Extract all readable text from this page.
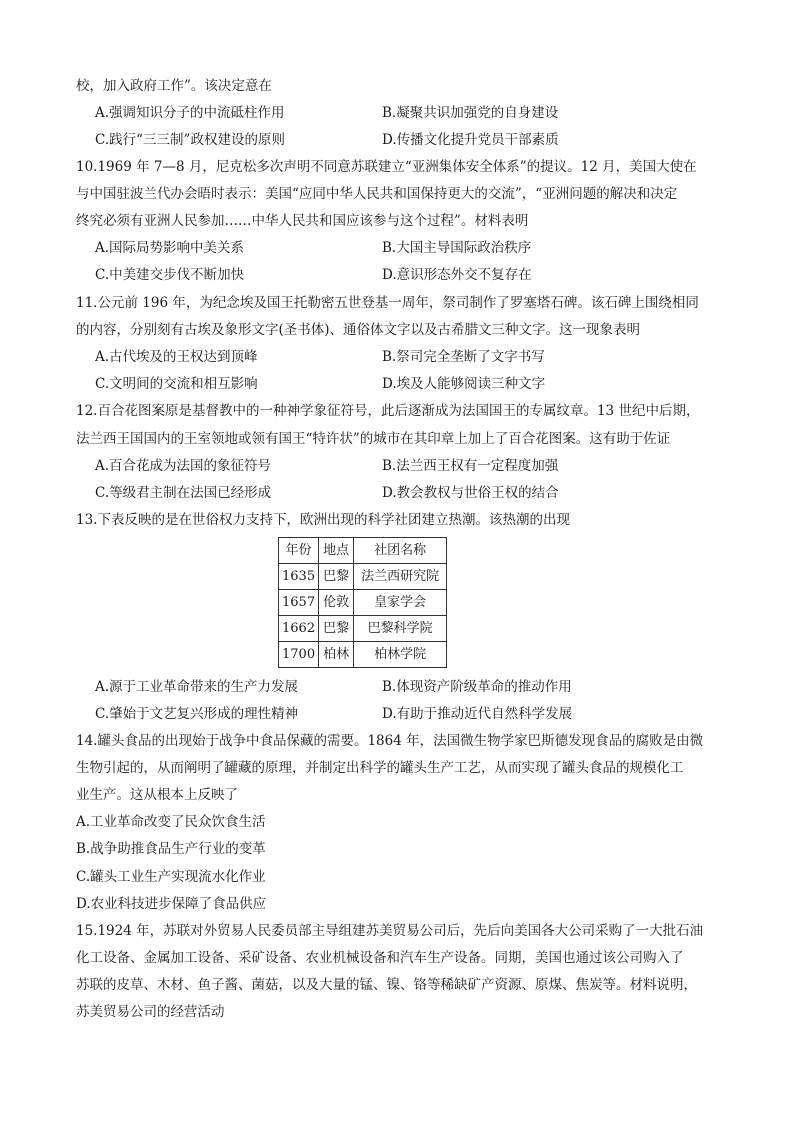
校，加入政府工作”。该决定意在
A.强调知识分子的中流砥柱作用	B.凝聚共识加强党的自身建设
C.践行“三三制”政权建设的原则	D.传播文化提升党员干部素质
10.1969 年 7—8 月，尼克松多次声明不同意苏联建立“亚洲集体安全体系”的提议。12 月，美国大使在
与中国驻波兰代办会晤时表示：美国“应同中华人民共和国保持更大的交流”，“亚洲问题的解决和决定
终究必须有亚洲人民参加……中华人民共和国应该参与这个过程”。材料表明
A.国际局势影响中美关系	B.大国主导国际政治秩序
C.中美建交步伐不断加快	D.意识形态外交不复存在
11.公元前 196 年，为纪念埃及国王托勒密五世登基一周年，祭司制作了罗塞塔石碑。该石碑上围绕相同
的内容，分别刻有古埃及象形文字(圣书体)、通俗体文字以及古希腊文三种文字。这一现象表明
A.古代埃及的王权达到顶峰	B.祭司完全垄断了文字书写
C.文明间的交流和相互影响	D.埃及人能够阅读三种文字
12.百合花图案原是基督教中的一种神学象征符号，此后逐渐成为法国国王的专属纹章。13 世纪中后期，
法兰西王国国内的王室领地或领有国王“特许状”的城市在其印章上加上了百合花图案。这有助于佐证
A.百合花成为法国的象征符号	B.法兰西王权有一定程度加强
C.等级君主制在法国已经形成	D.教会教权与世俗王权的结合
13.下表反映的是在世俗权力支持下，欧洲出现的科学社团建立热潮。该热潮的出现
年份	地点	社团名称
1635	巴黎	法兰西研究院
1657	伦敦	皇家学会
1662	巴黎	巴黎科学院
1700	柏林	柏林学院
A.源于工业革命带来的生产力发展	B.体现资产阶级革命的推动作用
C.肇始于文艺复兴形成的理性精神	D.有助于推动近代自然科学发展
14.罐头食品的出现始于战争中食品保藏的需要。1864 年，法国微生物学家巴斯德发现食品的腐败是由微
生物引起的，从而阐明了罐藏的原理，并制定出科学的罐头生产工艺，从而实现了罐头食品的规模化工
业生产。这从根本上反映了
A.工业革命改变了民众饮食生活
B.战争助推食品生产行业的变革
C.罐头工业生产实现流水化作业
D.农业科技进步保障了食品供应
15.1924 年，苏联对外贸易人民委员部主导组建苏美贸易公司后，先后向美国各大公司采购了一大批石油
化工设备、金属加工设备、采矿设备、农业机械设备和汽车生产设备。同期，美国也通过该公司购入了
苏联的皮草、木材、鱼子酱、菌菇，以及大量的锰、镍、铬等稀缺矿产资源、原煤、焦炭等。材料说明，
苏美贸易公司的经营活动
